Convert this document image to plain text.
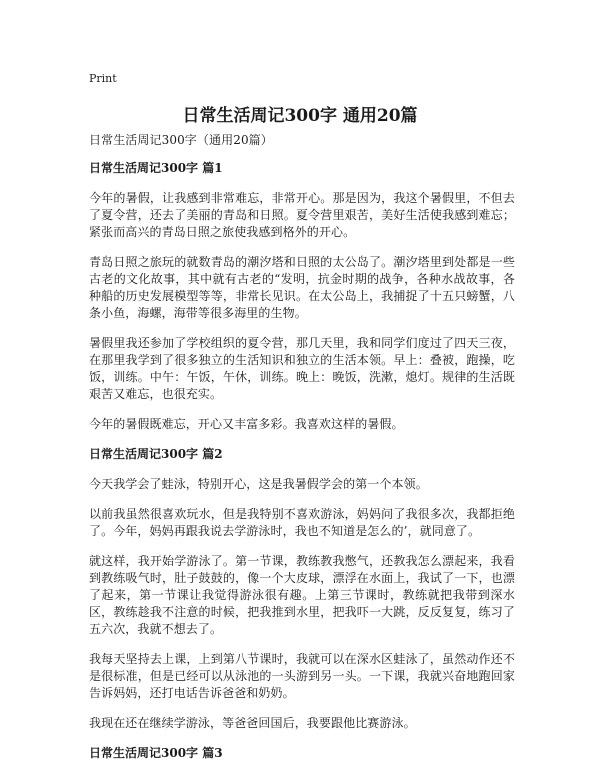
Print
日常生活周记300字 通用20篇

日常生活周记300字（通用20篇）

日常生活周记300字 篇1

今年的暑假，让我感到非常难忘，非常开心。那是因为，我这个暑假里，不但去了夏令营，还去了美丽的青岛和日照。夏令营里艰苦，美好生活使我感到难忘；紧张而高兴的青岛日照之旅使我感到格外的开心。

青岛日照之旅玩的就数青岛的潮汐塔和日照的太公岛了。潮汐塔里到处都是一些古老的文化故事，其中就有古老的“发明，抗金时期的战争，各种水战故事，各种船的历史发展模型等等，非常长见识。在太公岛上，我捕捉了十五只螃蟹，八条小鱼，海螺，海带等很多海里的生物。

暑假里我还参加了学校组织的夏令营，那几天里，我和同学们度过了四天三夜，在那里我学到了很多独立的生活知识和独立的生活本领。早上：叠被，跑操，吃饭，训练。中午：午饭，午休，训练。晚上：晚饭，洗漱，熄灯。规律的生活既艰苦又难忘，也很充实。

今年的暑假既难忘，开心又丰富多彩。我喜欢这样的暑假。

日常生活周记300字 篇2

今天我学会了蛙泳，特别开心，这是我暑假学会的第一个本领。

以前我虽然很喜欢玩水，但是我特别不喜欢游泳，妈妈问了我很多次，我都拒绝了。今年，妈妈再跟我说去学游泳时，我也不知道是怎么的’，就同意了。

就这样，我开始学游泳了。第一节课，教练教我憋气，还教我怎么漂起来，我看到教练吸气时，肚子鼓鼓的，像一个大皮球，漂浮在水面上，我试了一下，也漂了起来，第一节课让我觉得游泳很有趣。上第三节课时，教练就把我带到深水区，教练趁我不注意的时候，把我推到水里，把我吓一大跳，反反复复，练习了五六次，我就不想去了。

我每天坚持去上课，上到第八节课时，我就可以在深水区蛙泳了，虽然动作还不是很标准，但是已经可以从泳池的一头游到另一头。一下课，我就兴奋地跑回家告诉妈妈，还打电话告诉爸爸和奶奶。

我现在还在继续学游泳，等爸爸回国后，我要跟他比赛游泳。

日常生活周记300字 篇3
